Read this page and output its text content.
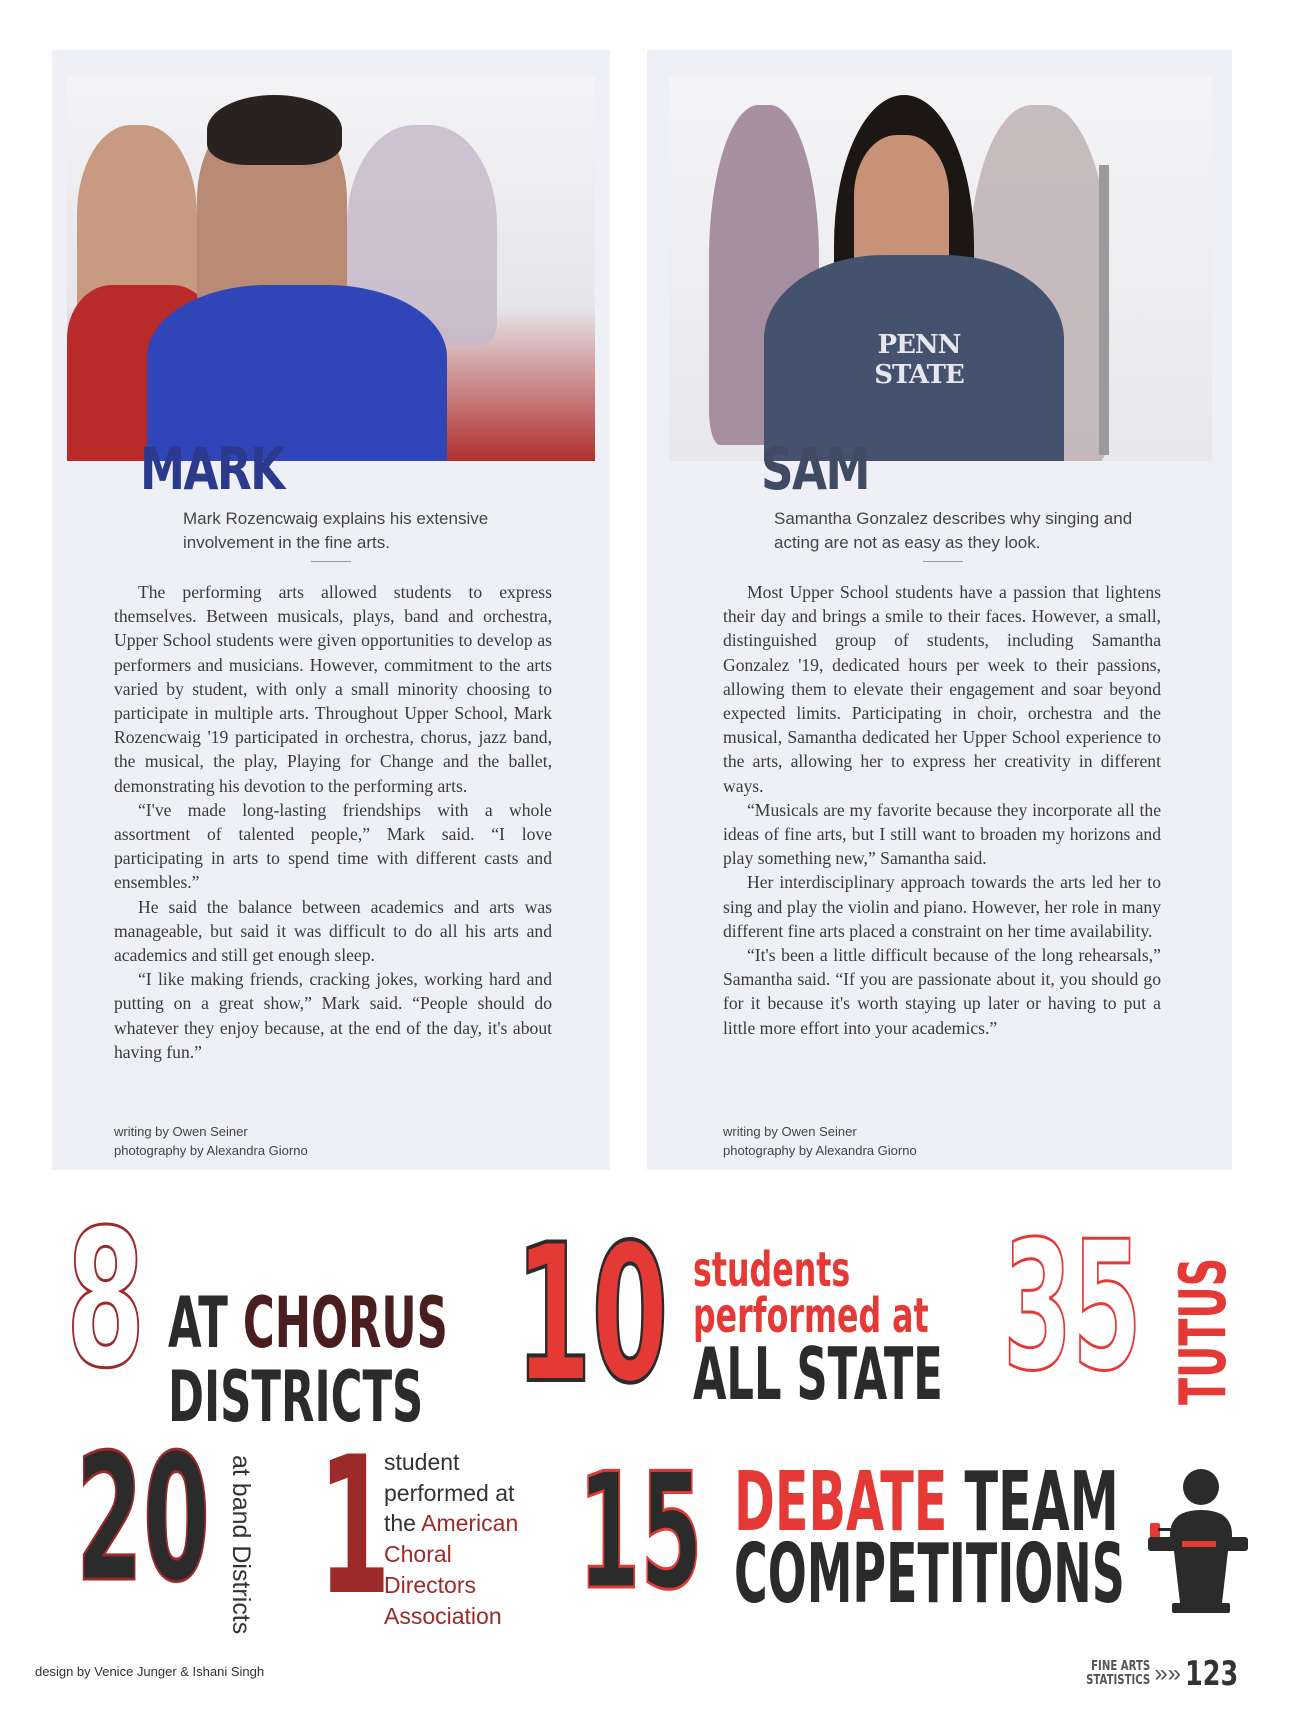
MARK
Mark Rozencwaig explains his extensive involvement in the fine arts.

The performing arts allowed students to express themselves. Between musicals, plays, band and orchestra, Upper School students were given opportunities to develop as performers and musicians. However, commitment to the arts varied by student, with only a small minority choosing to participate in multiple arts. Throughout Upper School, Mark Rozencwaig '19 participated in orchestra, chorus, jazz band, the musical, the play, Playing for Change and the ballet, demonstrating his devotion to the performing arts.

“I've made long-lasting friendships with a whole assortment of talented people,” Mark said. “I love participating in arts to spend time with different casts and ensembles.”

He said the balance between academics and arts was manageable, but said it was difficult to do all his arts and academics and still get enough sleep.

“I like making friends, cracking jokes, working hard and putting on a great show,” Mark said. “People should do whatever they enjoy because, at the end of the day, it's about having fun.”

writing by Owen Seiner
photography by Alexandra Giorno
PENN STATE
SAM
Samantha Gonzalez describes why singing and acting are not as easy as they look.

Most Upper School students have a passion that lightens their day and brings a smile to their faces. However, a small, distinguished group of students, including Samantha Gonzalez '19, dedicated hours per week to their passions, allowing them to elevate their engagement and soar beyond expected limits. Participating in choir, orchestra and the musical, Samantha dedicated her Upper School experience to the arts, allowing her to express her creativity in different ways.

“Musicals are my favorite because they incorporate all the ideas of fine arts, but I still want to broaden my horizons and play something new,” Samantha said.

Her interdisciplinary approach towards the arts led her to sing and play the violin and piano. However, her role in many different fine arts placed a constraint on her time availability.

“It's been a little difficult because of the long rehearsals,” Samantha said. “If you are passionate about it, you should go for it because it's worth staying up later or having to put a little more effort into your academics.”

writing by Owen Seiner
photography by Alexandra Giorno
8 AT CHORUS
DISTRICTS 10 students
performed at
ALL STATE 35 TUTUS
20 at band Districts 1
student
performed at
the American
Choral
Directors
Association 15 DEBATE TEAM
COMPETITIONS
design by Venice Junger & Ishani Singh	FINE ARTS
STATISTICS »» 123
